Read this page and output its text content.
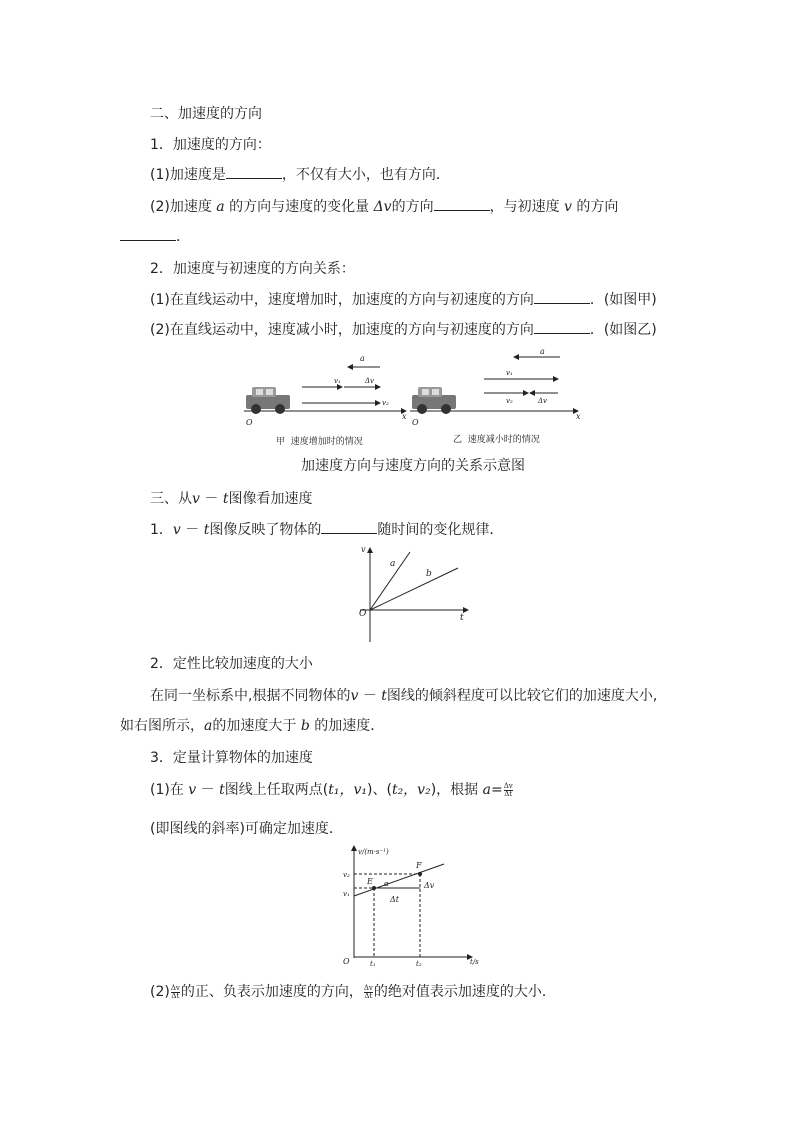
二、加速度的方向
1．加速度的方向：
(1)加速度是	，不仅有大小，也有方向．
(2)加速度 a 的方向与速度的变化量 Δv的方向	，与初速度 v 的方向
．
2．加速度与初速度的方向关系：
(1)在直线运动中，速度增加时，加速度的方向与初速度的方向	．(如图甲)
(2)在直线运动中，速度减小时，加速度的方向与初速度的方向	．(如图乙)
a
v₁	Δv
v₂
O
x
a
v₁
v₂	Δv
O
x
甲 速度增加时的情况	乙 速度减小时的情况
加速度方向与速度方向的关系示意图
三、从v － t图像看加速度
1．v － t图像反映了物体的	随时间的变化规律．
v
t
O
a
b
2．定性比较加速度的大小
在同一坐标系中,根据不同物体的v － t图线的倾斜程度可以比较它们的加速度大小,
如右图所示，a的加速度大于 b 的加速度．
3．定量计算物体的加速度
(1)在 v － t图线上任取两点(t₁，v₁)、(t₂，v₂)，根据 $a= \frac{\Delta v}{\Delta t}$
(即图线的斜率)可确定加速度．
v/(m·s⁻¹)
t/s
O
v₂
v₁
t₁	t₂
E
F
α	Δv
Δt
$(2) \frac{\Delta v}{\Delta t}$ 的正、负表示加速度的方向， $\frac{\Delta v}{\Delta t}$ 的绝对值表示加速度的大小．
